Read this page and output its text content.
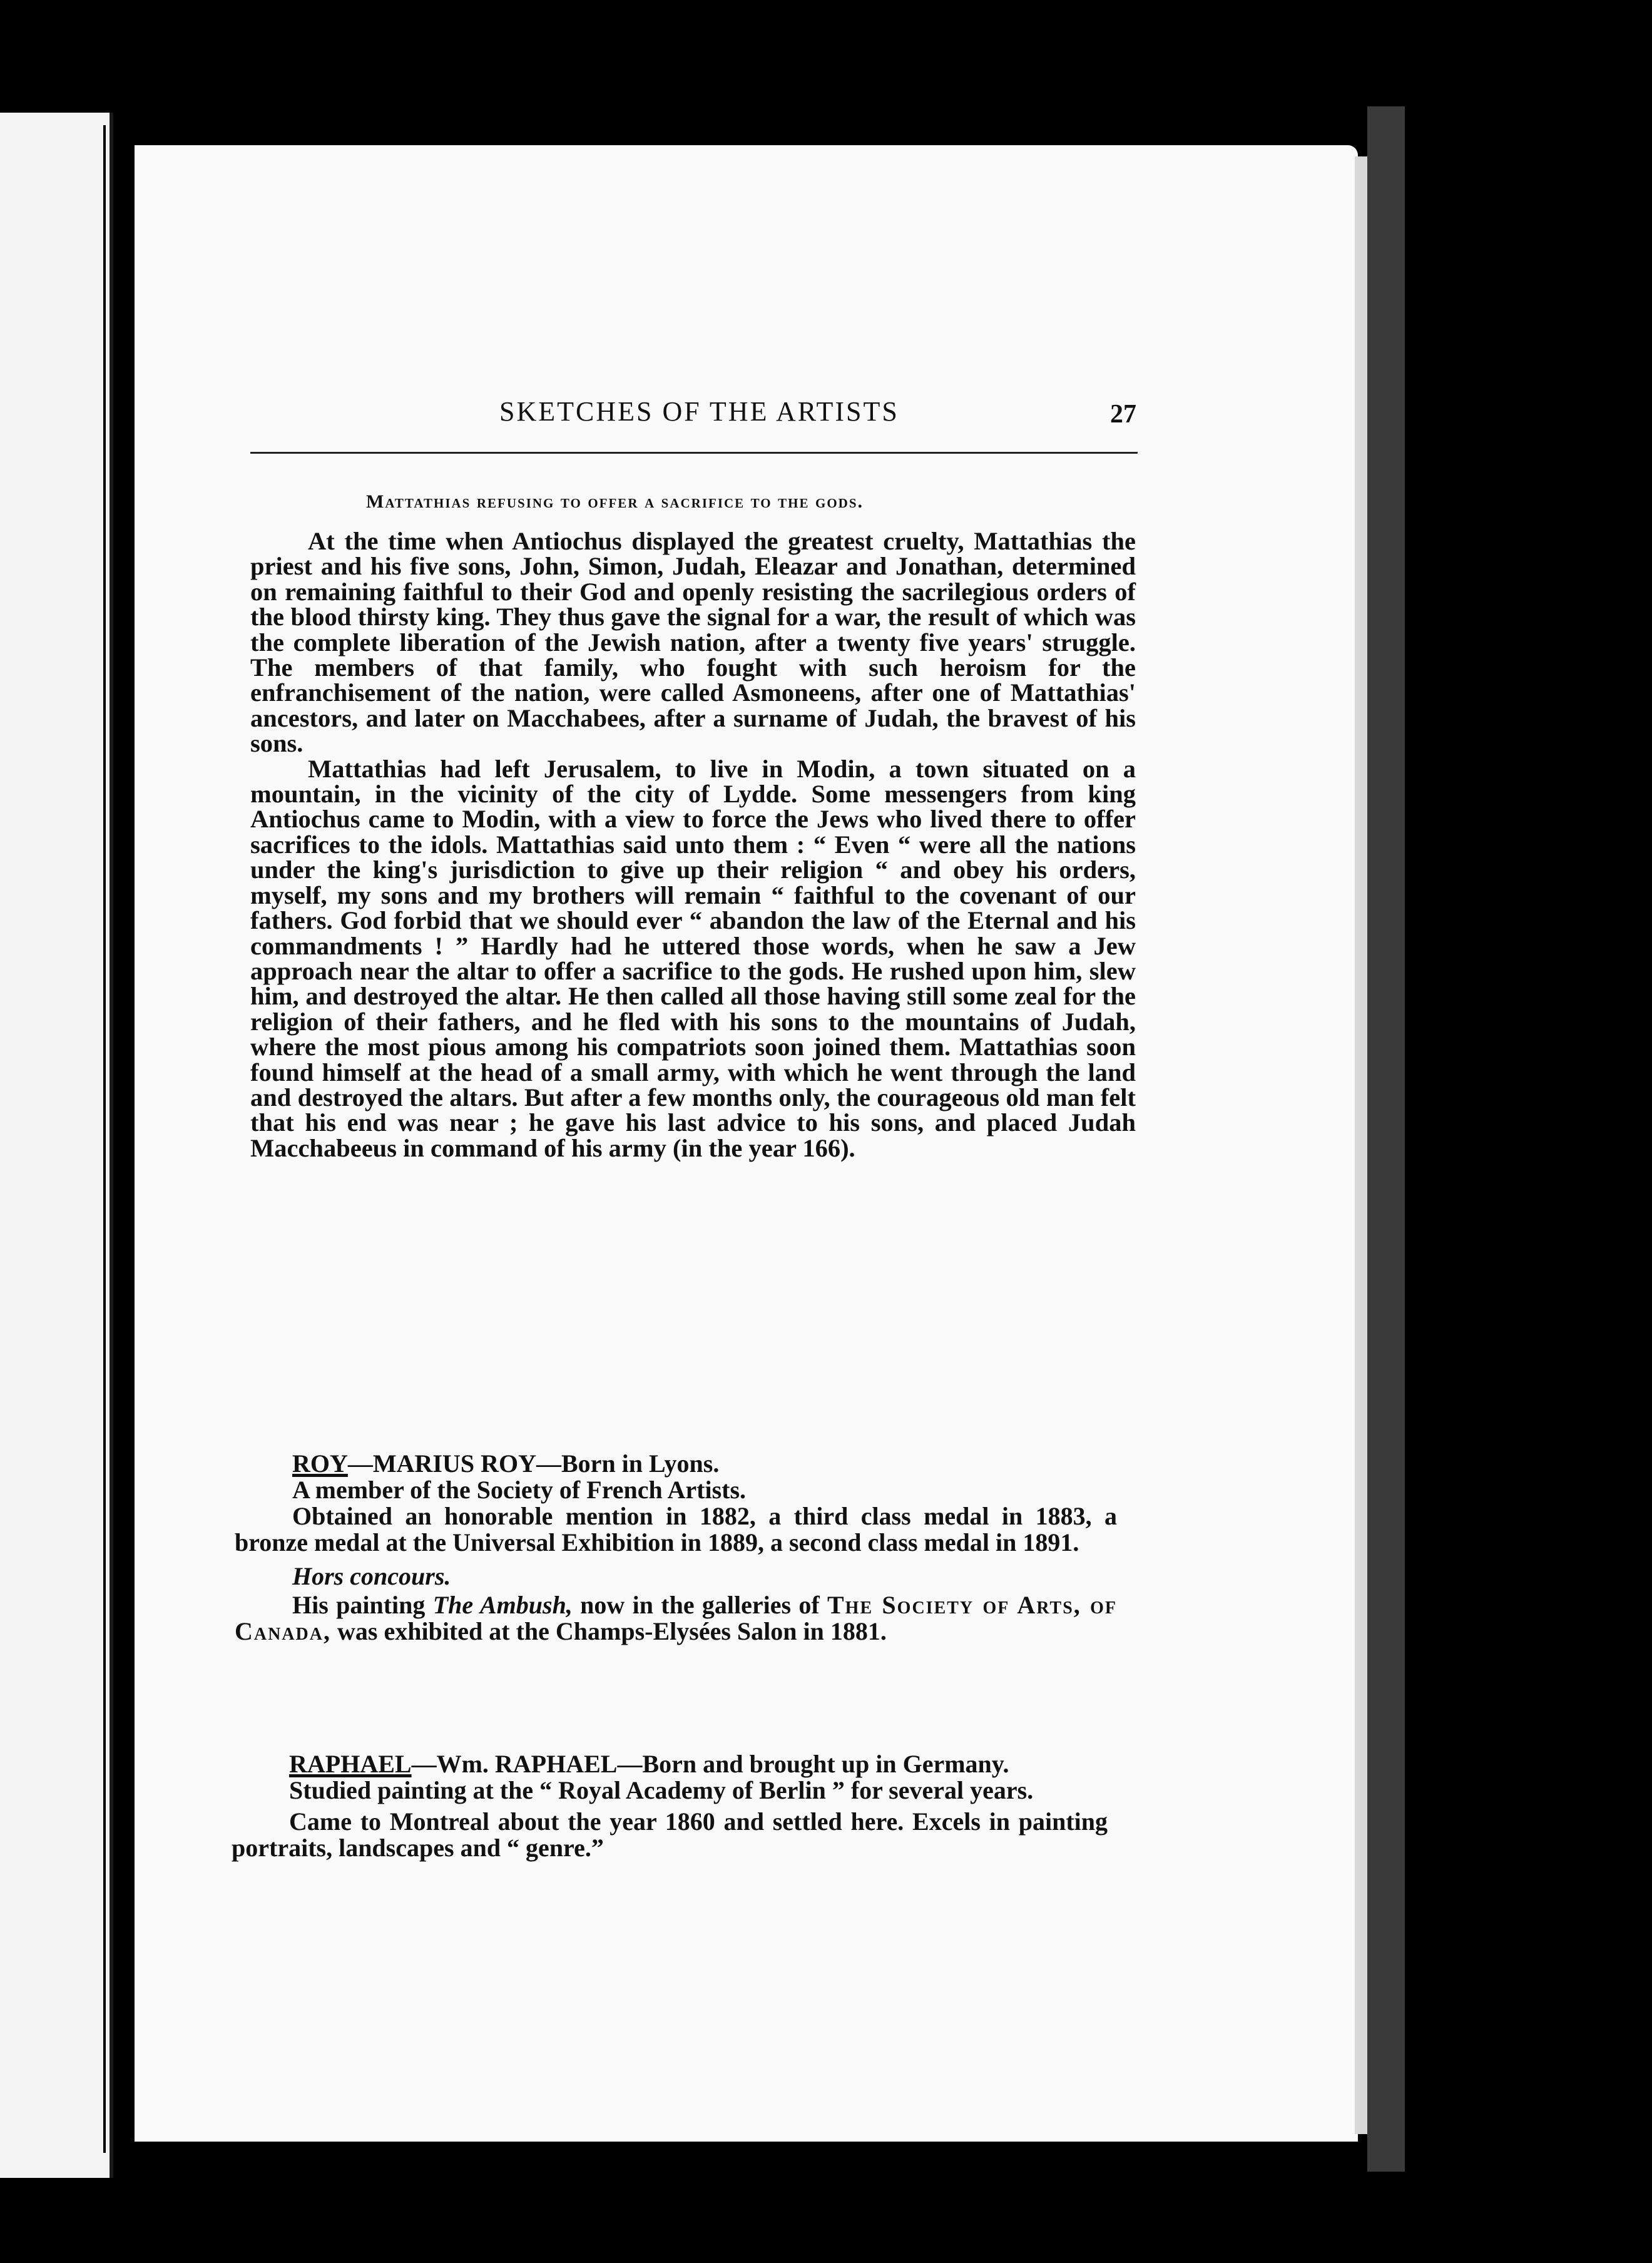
SKETCHES OF THE ARTISTS	27
Mattathias refusing to offer a sacrifice to the gods.

At the time when Antiochus displayed the greatest cruelty, Mattathias the priest and his five sons, John, Simon, Judah, Eleazar and Jonathan, determined on remaining faithful to their God and openly resisting the sacrilegious orders of the blood thirsty king. They thus gave the signal for a war, the result of which was the complete liberation of the Jewish nation, after a twenty five years' struggle. The members of that family, who fought with such heroism for the enfranchisement of the nation, were called Asmoneens, after one of Mattathias' ancestors, and later on Macchabees, after a surname of Judah, the bravest of his sons.

Mattathias had left Jerusalem, to live in Modin, a town situated on a mountain, in the vicinity of the city of Lydde. Some messengers from king Antiochus came to Modin, with a view to force the Jews who lived there to offer sacrifices to the idols. Mattathias said unto them : “ Even “ were all the nations under the king's jurisdiction to give up their religion “ and obey his orders, myself, my sons and my brothers will remain “ faithful to the covenant of our fathers. God forbid that we should ever “ abandon the law of the Eternal and his commandments ! ” Hardly had he uttered those words, when he saw a Jew approach near the altar to offer a sacrifice to the gods. He rushed upon him, slew him, and destroyed the altar. He then called all those having still some zeal for the religion of their fathers, and he fled with his sons to the mountains of Judah, where the most pious among his compatriots soon joined them. Mattathias soon found himself at the head of a small army, with which he went through the land and destroyed the altars. But after a few months only, the courageous old man felt that his end was near ; he gave his last advice to his sons, and placed Judah Macchabeeus in command of his army (in the year 166).

ROY—MARIUS ROY—Born in Lyons.

A member of the Society of French Artists.

Obtained an honorable mention in 1882, a third class medal in 1883, a bronze medal at the Universal Exhibition in 1889, a second class medal in 1891.

Hors concours.

His painting The Ambush, now in the galleries of The Society of Arts, of Canada, was exhibited at the Champs-Elysées Salon in 1881.

RAPHAEL—Wm. RAPHAEL—Born and brought up in Germany.

Studied painting at the “ Royal Academy of Berlin ” for several years.

Came to Montreal about the year 1860 and settled here. Excels in painting portraits, landscapes and “ genre.”
